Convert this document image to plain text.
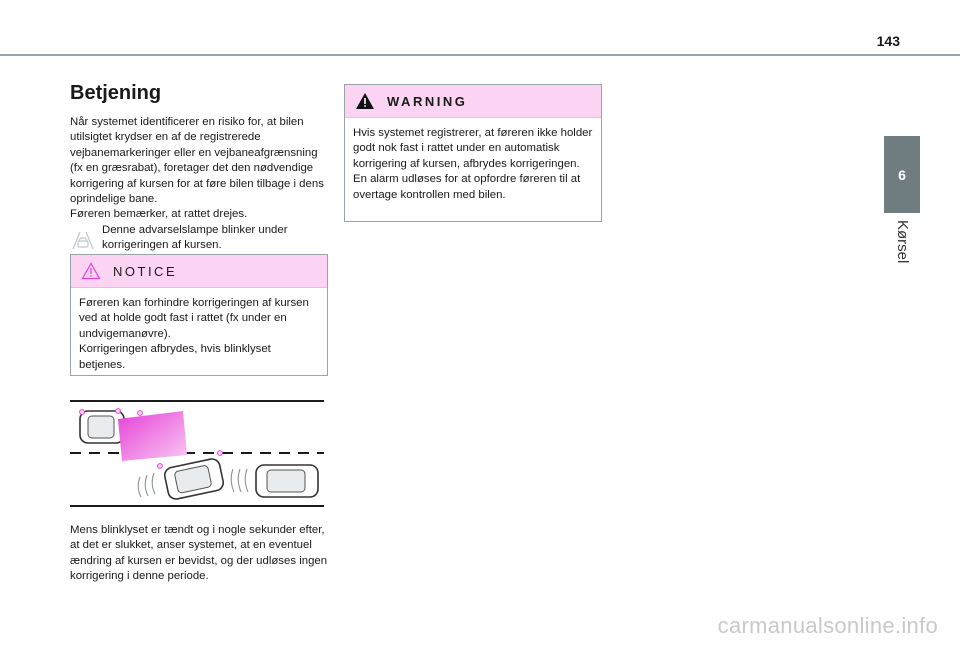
143
6
Kørsel
Betjening

Når systemet identificerer en risiko for, at bilen utilsigtet krydser en af de registrerede vejbanemarkeringer eller en vejbaneafgrænsning (fx en græsrabat), foretager det den nødvendige korrigering af kursen for at føre bilen tilbage i dens oprindelige bane.

Føreren bemærker, at rattet drejes.

Denne advarselslampe blinker under korrigeringen af kursen.

NOTICE

Føreren kan forhindre korrigeringen af kursen ved at holde godt fast i rattet (fx under en undvigemanøvre).

Korrigeringen afbrydes, hvis blinklyset betjenes.

Mens blinklyset er tændt og i nogle sekunder efter, at det er slukket, anser systemet, at en eventuel ændring af kursen er bevidst, og der udløses ingen korrigering i denne periode.

WARNING

Hvis systemet registrerer, at føreren ikke holder godt nok fast i rattet under en automatisk korrigering af kursen, afbrydes korrigeringen. En alarm udløses for at opfordre føreren til at overtage kontrollen med bilen.

carmanualsonline.info
